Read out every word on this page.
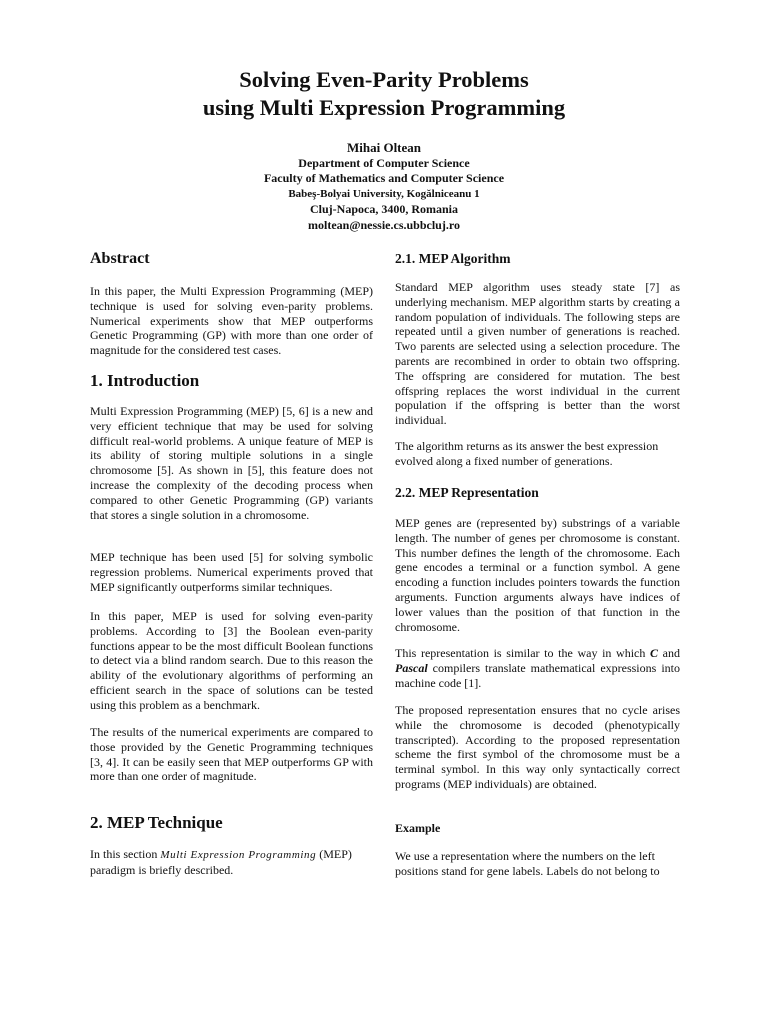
Solving Even-Parity Problems
using Multi Expression Programming
Mihai Oltean
Department of Computer Science
Faculty of Mathematics and Computer Science
Babeş-Bolyai University, Kogălniceanu 1
Cluj-Napoca, 3400, Romania
moltean@nessie.cs.ubbcluj.ro
Abstract

In this paper, the Multi Expression Programming (MEP) technique is used for solving even-parity problems. Numerical experiments show that MEP outperforms Genetic Programming (GP) with more than one order of magnitude for the considered test cases.

1. Introduction

Multi Expression Programming (MEP) [5, 6] is a new and very efficient technique that may be used for solving difficult real-world problems. A unique feature of MEP is its ability of storing multiple solutions in a single chromosome [5]. As shown in [5], this feature does not increase the complexity of the decoding process when compared to other Genetic Programming (GP) variants that stores a single solution in a chromosome.

MEP technique has been used [5] for solving symbolic regression problems. Numerical experiments proved that MEP significantly outperforms similar techniques.

In this paper, MEP is used for solving even-parity problems. According to [3] the Boolean even-parity functions appear to be the most difficult Boolean functions to detect via a blind random search. Due to this reason the ability of the evolutionary algorithms of performing an efficient search in the space of solutions can be tested using this problem as a benchmark.

The results of the numerical experiments are compared to those provided by the Genetic Programming techniques [3, 4]. It can be easily seen that MEP outperforms GP with more than one order of magnitude.

2. MEP Technique

In this section Multi Expression Programming (MEP) paradigm is briefly described.

2.1. MEP Algorithm

Standard MEP algorithm uses steady state [7] as underlying mechanism. MEP algorithm starts by creating a random population of individuals. The following steps are repeated until a given number of generations is reached. Two parents are selected using a selection procedure. The parents are recombined in order to obtain two offspring. The offspring are considered for mutation. The best offspring replaces the worst individual in the current population if the offspring is better than the worst individual.

The algorithm returns as its answer the best expression evolved along a fixed number of generations.

2.2. MEP Representation

MEP genes are (represented by) substrings of a variable length. The number of genes per chromosome is constant. This number defines the length of the chromosome. Each gene encodes a terminal or a function symbol. A gene encoding a function includes pointers towards the function arguments. Function arguments always have indices of lower values than the position of that function in the chromosome.

This representation is similar to the way in which C and Pascal compilers translate mathematical expressions into machine code [1].

The proposed representation ensures that no cycle arises while the chromosome is decoded (phenotypically transcripted). According to the proposed representation scheme the first symbol of the chromosome must be a terminal symbol. In this way only syntactically correct programs (MEP individuals) are obtained.

Example

We use a representation where the numbers on the left positions stand for gene labels. Labels do not belong to
